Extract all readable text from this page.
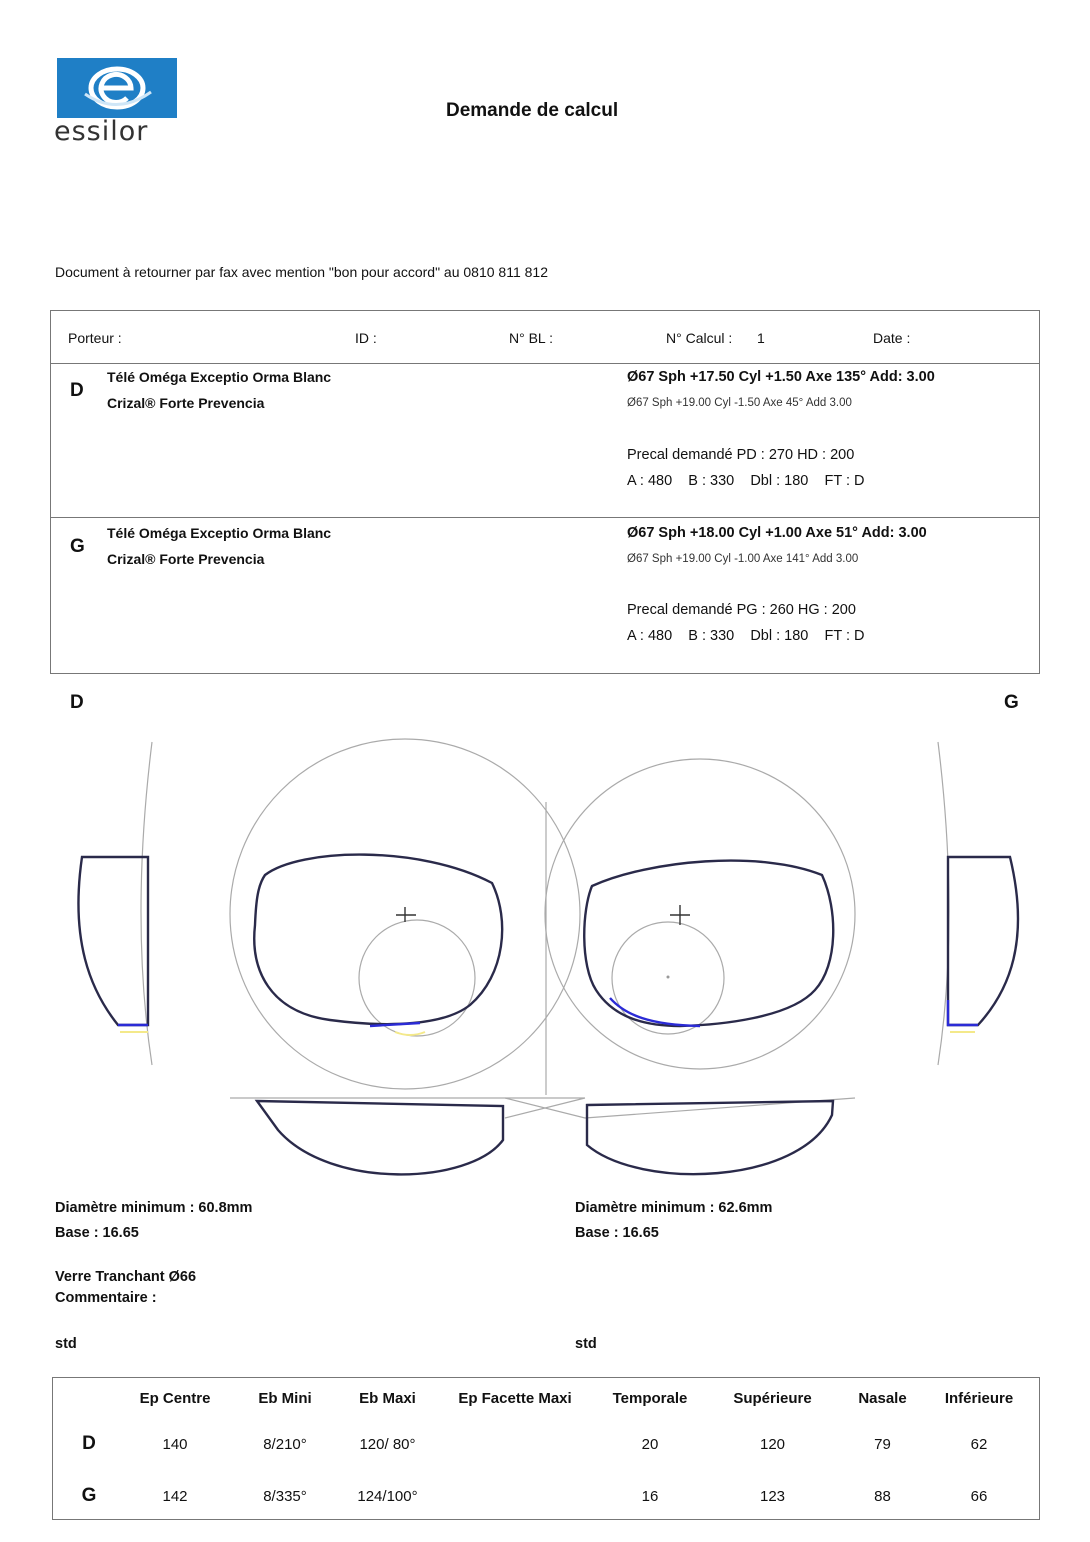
essilor
Demande de calcul
Document à retourner par fax avec mention "bon pour accord" au 0810 811 812
Porteur :	ID :	N° BL :	N° Calcul : 1	Date :
D
Télé Oméga Exceptio Orma Blanc
Crizal® Forte Prevencia
Ø67 Sph +17.50 Cyl +1.50 Axe 135° Add: 3.00
Ø67 Sph +19.00 Cyl -1.50 Axe 45° Add 3.00
Precal demandé PD : 270 HD : 200
A : 480    B : 330    Dbl : 180    FT : D
G
Télé Oméga Exceptio Orma Blanc
Crizal® Forte Prevencia
Ø67 Sph +18.00 Cyl +1.00 Axe 51° Add: 3.00
Ø67 Sph +19.00 Cyl -1.00 Axe 141° Add 3.00
Precal demandé PG : 260 HG : 200
A : 480    B : 330    Dbl : 180    FT : D
D	G
Diamètre minimum : 60.8mm
Base : 16.65
Diamètre minimum : 62.6mm
Base : 16.65
Verre Tranchant Ø66
Commentaire :
std	std
	Ep Centre	Eb Mini	Eb Maxi	Ep Facette Maxi	Temporale	Supérieure	Nasale	Inférieure
D	140	8/210°	120/ 80°		20	120	79	62
G	142	8/335°	124/100°		16	123	88	66
